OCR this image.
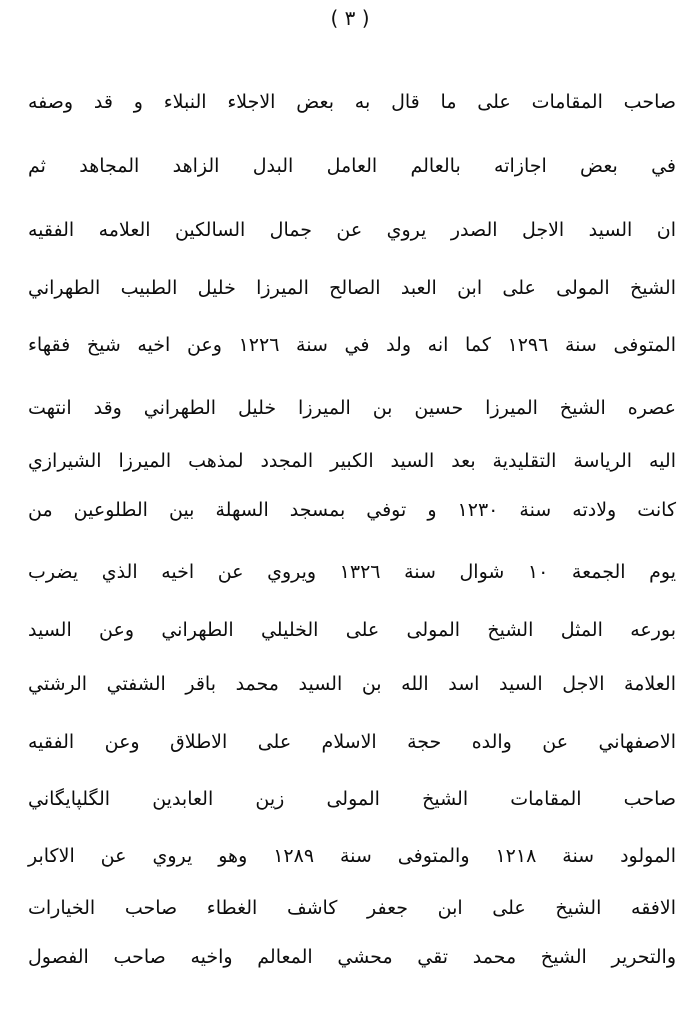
( ٣ )
صاحب المقامات على ما قال به بعض الاجلاء النبلاء و قد وصفه
في بعض اجازاته بالعالم العامل البدل الزاهد المجاهد ثم
ان السيد الاجل الصدر يروي عن جمال السالكين العلامه الفقيه
الشيخ المولى على ابن العبد الصالح الميرزا خليل الطبيب الطهراني
المتوفى سنة ١٢٩٦ كما انه ولد في سنة ١٢٢٦ وعن اخيه شيخ فقهاء
عصره الشيخ الميرزا حسين بن الميرزا خليل الطهراني وقد انتهت
اليه الرياسة التقليدية بعد السيد الكبير المجدد لمذهب الميرزا الشيرازي
كانت ولادته سنة ١٢٣٠ و توفي بمسجد السهلة بين الطلوعين من
يوم الجمعة ١٠ شوال سنة ١٣٢٦ ويروي عن اخيه الذي يضرب
بورعه المثل الشيخ المولى على الخليلي الطهراني وعن السيد
العلامة الاجل السيد اسد الله بن السيد محمد باقر الشفتي الرشتي
الاصفهاني عن والده حجة الاسلام على الاطلاق وعن الفقيه
صاحب المقامات الشيخ المولى زين العابدين الگلپايگاني
المولود سنة ١٢١٨ والمتوفى سنة ١٢٨٩ وهو يروي عن الاكابر
الافقه الشيخ على ابن جعفر كاشف الغطاء صاحب الخيارات
والتحرير الشيخ محمد تقي محشي المعالم واخيه صاحب الفصول
